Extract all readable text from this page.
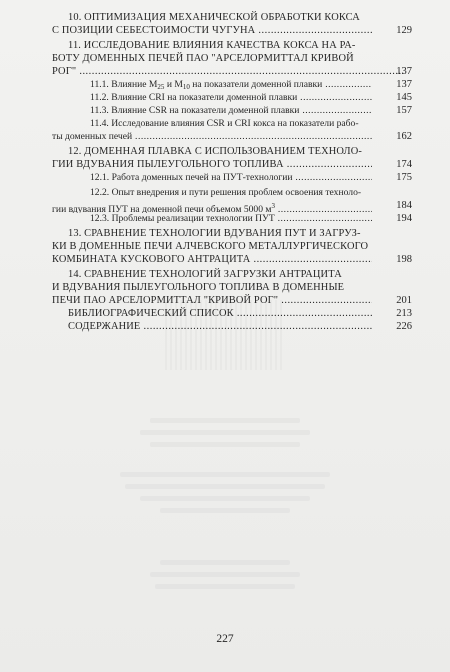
10. ОПТИМИЗАЦИЯ МЕХАНИЧЕСКОЙ ОБРАБОТКИ КОКСА
С ПОЗИЦИИ СЕБЕСТОИМОСТИ ЧУГУНА .....	129
11. ИССЛЕДОВАНИЕ ВЛИЯНИЯ КАЧЕСТВА КОКСА НА РА-
БОТУ ДОМЕННЫХ ПЕЧЕЙ ПАО "АРСЕЛОРМИТТАЛ КРИВОЙ
РОГ" .....	137
11.1. Влияние $M_{25}$ и $M_{10}$ на показатели доменной плавки .....	137
11.2. Влияние CRI на показатели доменной плавки .....	145
11.3. Влияние CSR на показатели доменной плавки .....	157
11.4. Исследование влияния CSR и CRI кокса на показатели рабо-
ты доменных печей .....	162
12. ДОМЕННАЯ ПЛАВКА С ИСПОЛЬЗОВАНИЕМ ТЕХНОЛО-
ГИИ ВДУВАНИЯ ПЫЛЕУГОЛЬНОГО ТОПЛИВА .....	174
12.1. Работа доменных печей на ПУТ-технологии .....	175
12.2. Опыт внедрения и пути решения проблем освоения техноло-
гии вдувания ПУТ на доменной печи объемом 5000 $м^3$ .....	184
12.3. Проблемы реализации технологии ПУТ .....	194
13. СРАВНЕНИЕ ТЕХНОЛОГИИ ВДУВАНИЯ ПУТ И ЗАГРУЗ-
КИ В ДОМЕННЫЕ ПЕЧИ АЛЧЕВСКОГО МЕТАЛЛУРГИЧЕСКОГО
КОМБИНАТА КУСКОВОГО АНТРАЦИТА .....	198
14. СРАВНЕНИЕ ТЕХНОЛОГИЙ ЗАГРУЗКИ АНТРАЦИТА
И ВДУВАНИЯ ПЫЛЕУГОЛЬНОГО ТОПЛИВА В ДОМЕННЫЕ
ПЕЧИ ПАО АРСЕЛОРМИТТАЛ "КРИВОЙ РОГ" .....	201
БИБЛИОГРАФИЧЕСКИЙ СПИСОК .....	213
СОДЕРЖАНИЕ .....	226
227
